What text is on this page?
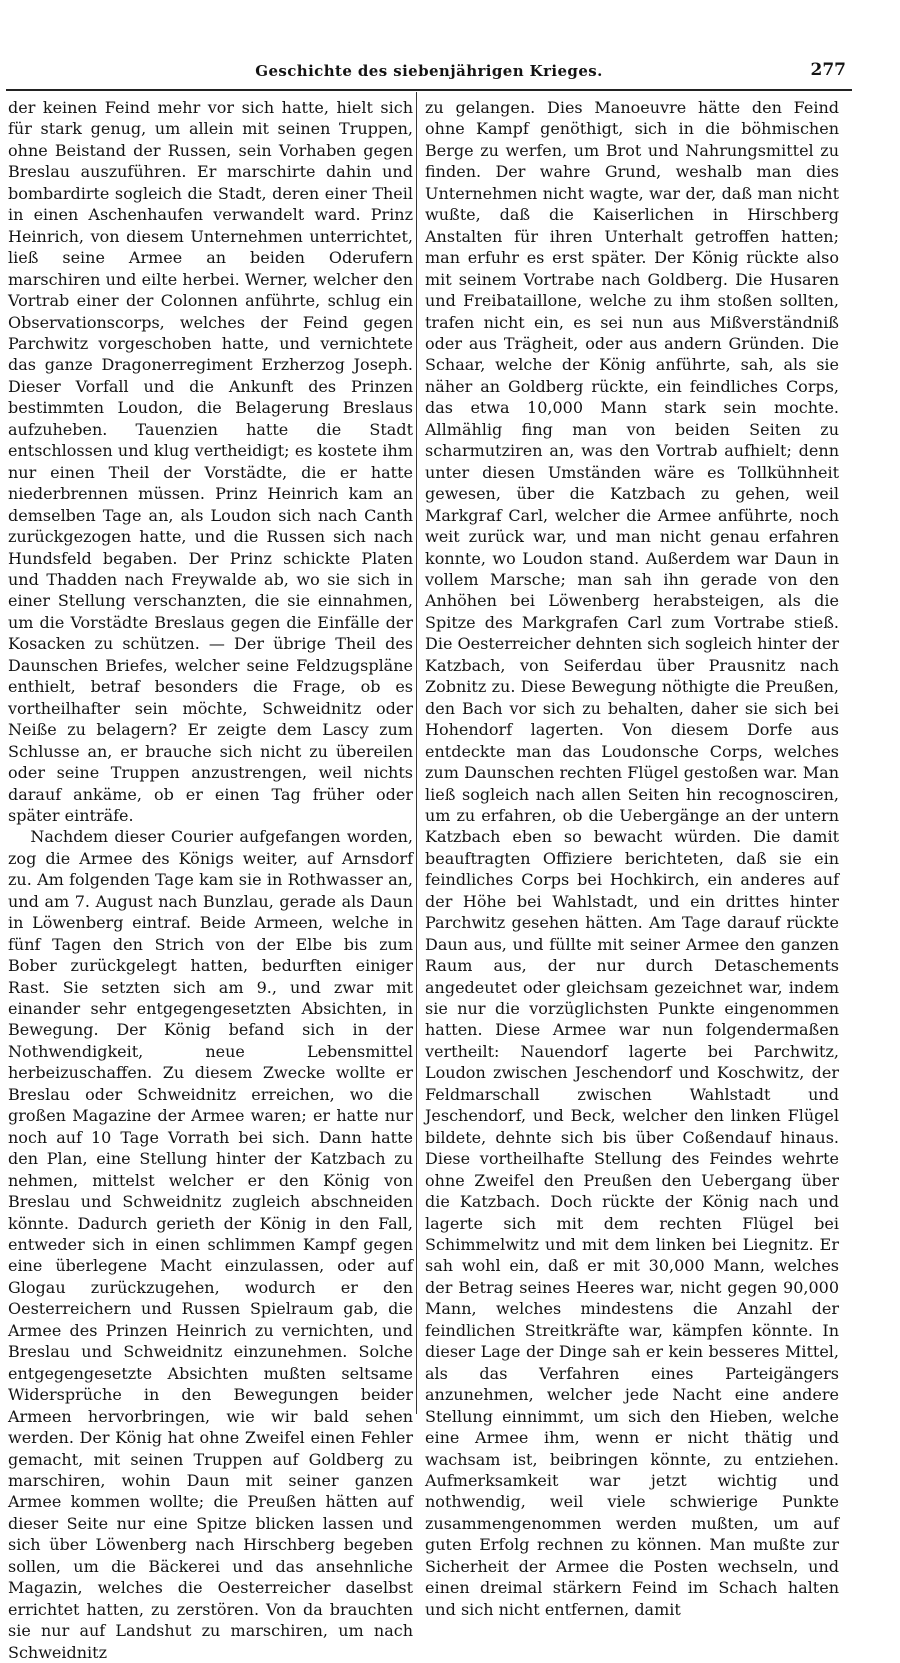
Geschichte des siebenjährigen Krieges.	277

der keinen Feind mehr vor sich hatte, hielt sich für stark genug, um allein mit seinen Truppen, ohne Beistand der Russen, sein Vorhaben gegen Breslau auszuführen. Er marschirte dahin und bombardirte sogleich die Stadt, deren einer Theil in einen Aschenhaufen verwandelt ward. Prinz Heinrich, von diesem Unternehmen unterrichtet, ließ seine Armee an beiden Oderufern marschiren und eilte herbei. Werner, welcher den Vortrab einer der Colonnen anführte, schlug ein Observationscorps, welches der Feind gegen Parchwitz vorgeschoben hatte, und vernichtete das ganze Dragonerregiment Erzherzog Joseph. Dieser Vorfall und die Ankunft des Prinzen bestimmten Loudon, die Belagerung Breslaus aufzuheben. Tauenzien hatte die Stadt entschlossen und klug vertheidigt; es kostete ihm nur einen Theil der Vorstädte, die er hatte niederbrennen müssen. Prinz Heinrich kam an demselben Tage an, als Loudon sich nach Canth zurückgezogen hatte, und die Russen sich nach Hundsfeld begaben. Der Prinz schickte Platen und Thadden nach Freywalde ab, wo sie sich in einer Stellung verschanzten, die sie einnahmen, um die Vorstädte Breslaus gegen die Einfälle der Kosacken zu schützen. — Der übrige Theil des Daunschen Briefes, welcher seine Feldzugspläne enthielt, betraf besonders die Frage, ob es vortheilhafter sein möchte, Schweidnitz oder Neiße zu belagern? Er zeigte dem Lascy zum Schlusse an, er brauche sich nicht zu übereilen oder seine Truppen anzustrengen, weil nichts darauf ankäme, ob er einen Tag früher oder später einträfe.

Nachdem dieser Courier aufgefangen worden, zog die Armee des Königs weiter, auf Arnsdorf zu. Am folgenden Tage kam sie in Rothwasser an, und am 7. August nach Bunzlau, gerade als Daun in Löwenberg eintraf. Beide Armeen, welche in fünf Tagen den Strich von der Elbe bis zum Bober zurückgelegt hatten, bedurften einiger Rast. Sie setzten sich am 9., und zwar mit einander sehr entgegengesetzten Absichten, in Bewegung. Der König befand sich in der Nothwendigkeit, neue Lebensmittel herbeizuschaffen. Zu diesem Zwecke wollte er Breslau oder Schweidnitz erreichen, wo die großen Magazine der Armee waren; er hatte nur noch auf 10 Tage Vorrath bei sich. Dann hatte den Plan, eine Stellung hinter der Katzbach zu nehmen, mittelst welcher er den König von Breslau und Schweidnitz zugleich abschneiden könnte. Dadurch gerieth der König in den Fall, entweder sich in einen schlimmen Kampf gegen eine überlegene Macht einzulassen, oder auf Glogau zurückzugehen, wodurch er den Oesterreichern und Russen Spielraum gab, die Armee des Prinzen Heinrich zu vernichten, und Breslau und Schweidnitz einzunehmen. Solche entgegengesetzte Absichten mußten seltsame Widersprüche in den Bewegungen beider Armeen hervorbringen, wie wir bald sehen werden. Der König hat ohne Zweifel einen Fehler gemacht, mit seinen Truppen auf Goldberg zu marschiren, wohin Daun mit seiner ganzen Armee kommen wollte; die Preußen hätten auf dieser Seite nur eine Spitze blicken lassen und sich über Löwenberg nach Hirschberg begeben sollen, um die Bäckerei und das ansehnliche Magazin, welches die Oesterreicher daselbst errichtet hatten, zu zerstören. Von da brauchten sie nur auf Landshut zu marschiren, um nach Schweidnitz

zu gelangen. Dies Manoeuvre hätte den Feind ohne Kampf genöthigt, sich in die böhmischen Berge zu werfen, um Brot und Nahrungsmittel zu finden. Der wahre Grund, weshalb man dies Unternehmen nicht wagte, war der, daß man nicht wußte, daß die Kaiserlichen in Hirschberg Anstalten für ihren Unterhalt getroffen hatten; man erfuhr es erst später. Der König rückte also mit seinem Vortrabe nach Goldberg. Die Husaren und Freibataillone, welche zu ihm stoßen sollten, trafen nicht ein, es sei nun aus Mißverständniß oder aus Trägheit, oder aus andern Gründen. Die Schaar, welche der König anführte, sah, als sie näher an Goldberg rückte, ein feindliches Corps, das etwa 10,000 Mann stark sein mochte. Allmählig fing man von beiden Seiten zu scharmutziren an, was den Vortrab aufhielt; denn unter diesen Umständen wäre es Tollkühnheit gewesen, über die Katzbach zu gehen, weil Markgraf Carl, welcher die Armee anführte, noch weit zurück war, und man nicht genau erfahren konnte, wo Loudon stand. Außerdem war Daun in vollem Marsche; man sah ihn gerade von den Anhöhen bei Löwenberg herabsteigen, als die Spitze des Markgrafen Carl zum Vortrabe stieß. Die Oesterreicher dehnten sich sogleich hinter der Katzbach, von Seiferdau über Prausnitz nach Zobnitz zu. Diese Bewegung nöthigte die Preußen, den Bach vor sich zu behalten, daher sie sich bei Hohendorf lagerten. Von diesem Dorfe aus entdeckte man das Loudonsche Corps, welches zum Daunschen rechten Flügel gestoßen war. Man ließ sogleich nach allen Seiten hin recognosciren, um zu erfahren, ob die Uebergänge an der untern Katzbach eben so bewacht würden. Die damit beauftragten Offiziere berichteten, daß sie ein feindliches Corps bei Hochkirch, ein anderes auf der Höhe bei Wahlstadt, und ein drittes hinter Parchwitz gesehen hätten. Am Tage darauf rückte Daun aus, und füllte mit seiner Armee den ganzen Raum aus, der nur durch Detaschements angedeutet oder gleichsam gezeichnet war, indem sie nur die vorzüglichsten Punkte eingenommen hatten. Diese Armee war nun folgendermaßen vertheilt: Nauendorf lagerte bei Parchwitz, Loudon zwischen Jeschendorf und Koschwitz, der Feldmarschall zwischen Wahlstadt und Jeschendorf, und Beck, welcher den linken Flügel bildete, dehnte sich bis über Coßendauf hinaus. Diese vortheilhafte Stellung des Feindes wehrte ohne Zweifel den Preußen den Uebergang über die Katzbach. Doch rückte der König nach und lagerte sich mit dem rechten Flügel bei Schimmelwitz und mit dem linken bei Liegnitz. Er sah wohl ein, daß er mit 30,000 Mann, welches der Betrag seines Heeres war, nicht gegen 90,000 Mann, welches mindestens die Anzahl der feindlichen Streitkräfte war, kämpfen könnte. In dieser Lage der Dinge sah er kein besseres Mittel, als das Verfahren eines Parteigängers anzunehmen, welcher jede Nacht eine andere Stellung einnimmt, um sich den Hieben, welche eine Armee ihm, wenn er nicht thätig und wachsam ist, beibringen könnte, zu entziehen. Aufmerksamkeit war jetzt wichtig und nothwendig, weil viele schwierige Punkte zusammengenommen werden mußten, um auf guten Erfolg rechnen zu können. Man mußte zur Sicherheit der Armee die Posten wechseln, und einen dreimal stärkern Feind im Schach halten und sich nicht entfernen, damit
